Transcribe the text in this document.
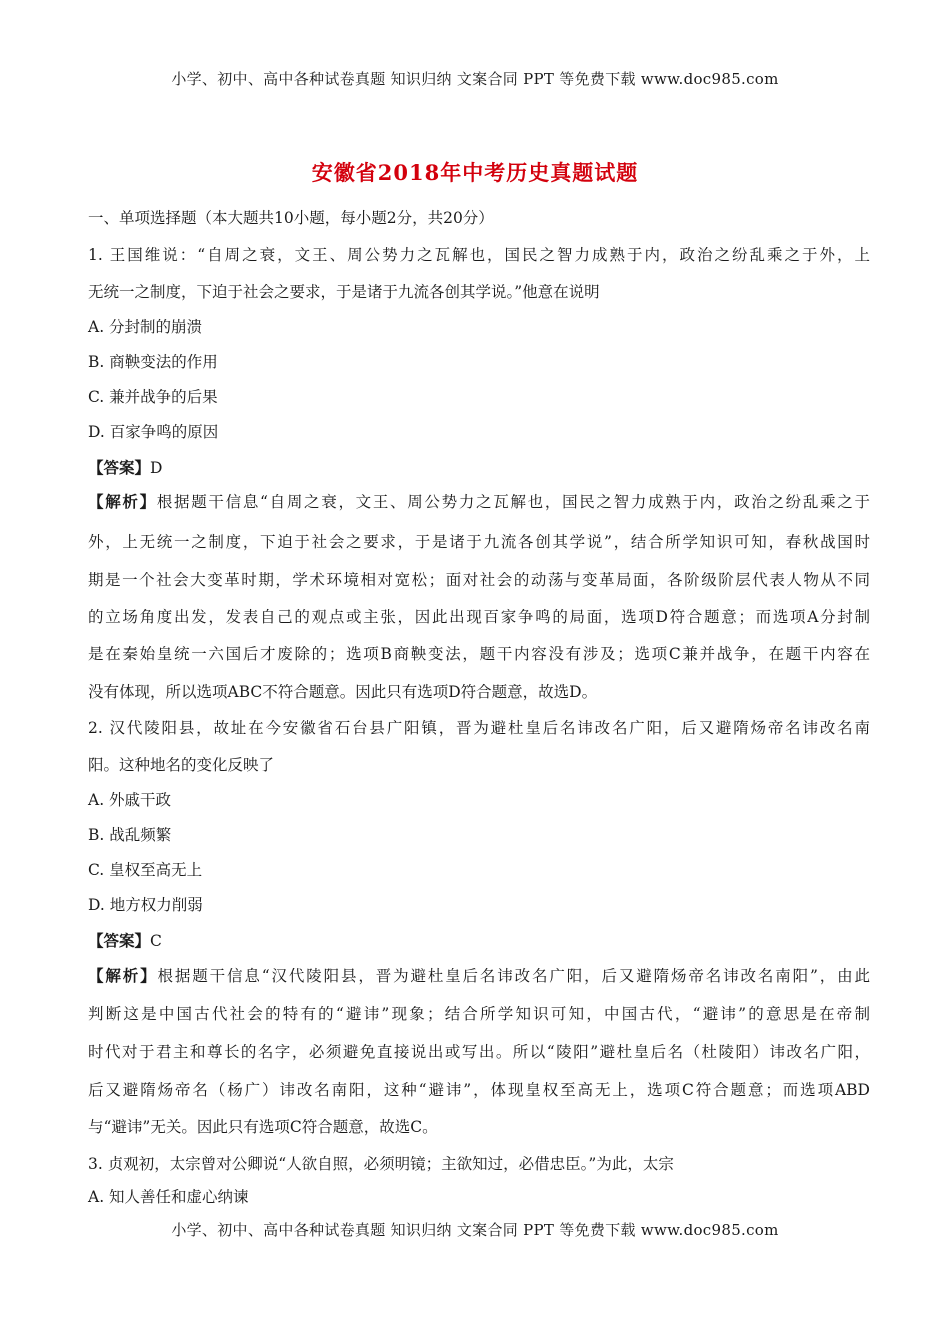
小学、初中、高中各种试卷真题 知识归纳 文案合同 PPT 等免费下载 www.doc985.com
安徽省2018年中考历史真题试题
一、单项选择题（本大题共10小题，每小题2分，共20分）
1. 王国维说：“自周之衰，文王、周公势力之瓦解也，国民之智力成熟于内，政治之纷乱乘之于外，上
无统一之制度，下迫于社会之要求，于是诸于九流各创其学说。”他意在说明
A. 分封制的崩溃
B. 商鞅变法的作用
C. 兼并战争的后果
D. 百家争鸣的原因
【答案】D
【解析】根据题干信息“自周之衰，文王、周公势力之瓦解也，国民之智力成熟于内，政治之纷乱乘之于
外，上无统一之制度，下迫于社会之要求，于是诸于九流各创其学说”，结合所学知识可知，春秋战国时
期是一个社会大变革时期，学术环境相对宽松；面对社会的动荡与变革局面，各阶级阶层代表人物从不同
的立场角度出发，发表自己的观点或主张，因此出现百家争鸣的局面，选项D符合题意；而选项A分封制
是在秦始皇统一六国后才废除的；选项B商鞅变法，题干内容没有涉及；选项C兼并战争，在题干内容在
没有体现，所以选项ABC不符合题意。因此只有选项D符合题意，故选D。
2. 汉代陵阳县，故址在今安徽省石台县广阳镇，晋为避杜皇后名讳改名广阳，后又避隋炀帝名讳改名南
阳。这种地名的变化反映了
A. 外戚干政
B. 战乱频繁
C. 皇权至高无上
D. 地方权力削弱
【答案】C
【解析】根据题干信息“汉代陵阳县，晋为避杜皇后名讳改名广阳，后又避隋炀帝名讳改名南阳”，由此
判断这是中国古代社会的特有的“避讳”现象；结合所学知识可知，中国古代，“避讳”的意思是在帝制
时代对于君主和尊长的名字，必须避免直接说出或写出。所以“陵阳”避杜皇后名（杜陵阳）讳改名广阳，
后又避隋炀帝名（杨广）讳改名南阳，这种“避讳”，体现皇权至高无上，选项C符合题意；而选项ABD
与“避讳”无关。因此只有选项C符合题意，故选C。
3. 贞观初，太宗曾对公卿说“人欲自照，必须明镜；主欲知过，必借忠臣。”为此，太宗
A. 知人善任和虚心纳谏
小学、初中、高中各种试卷真题 知识归纳 文案合同 PPT 等免费下载 www.doc985.com
